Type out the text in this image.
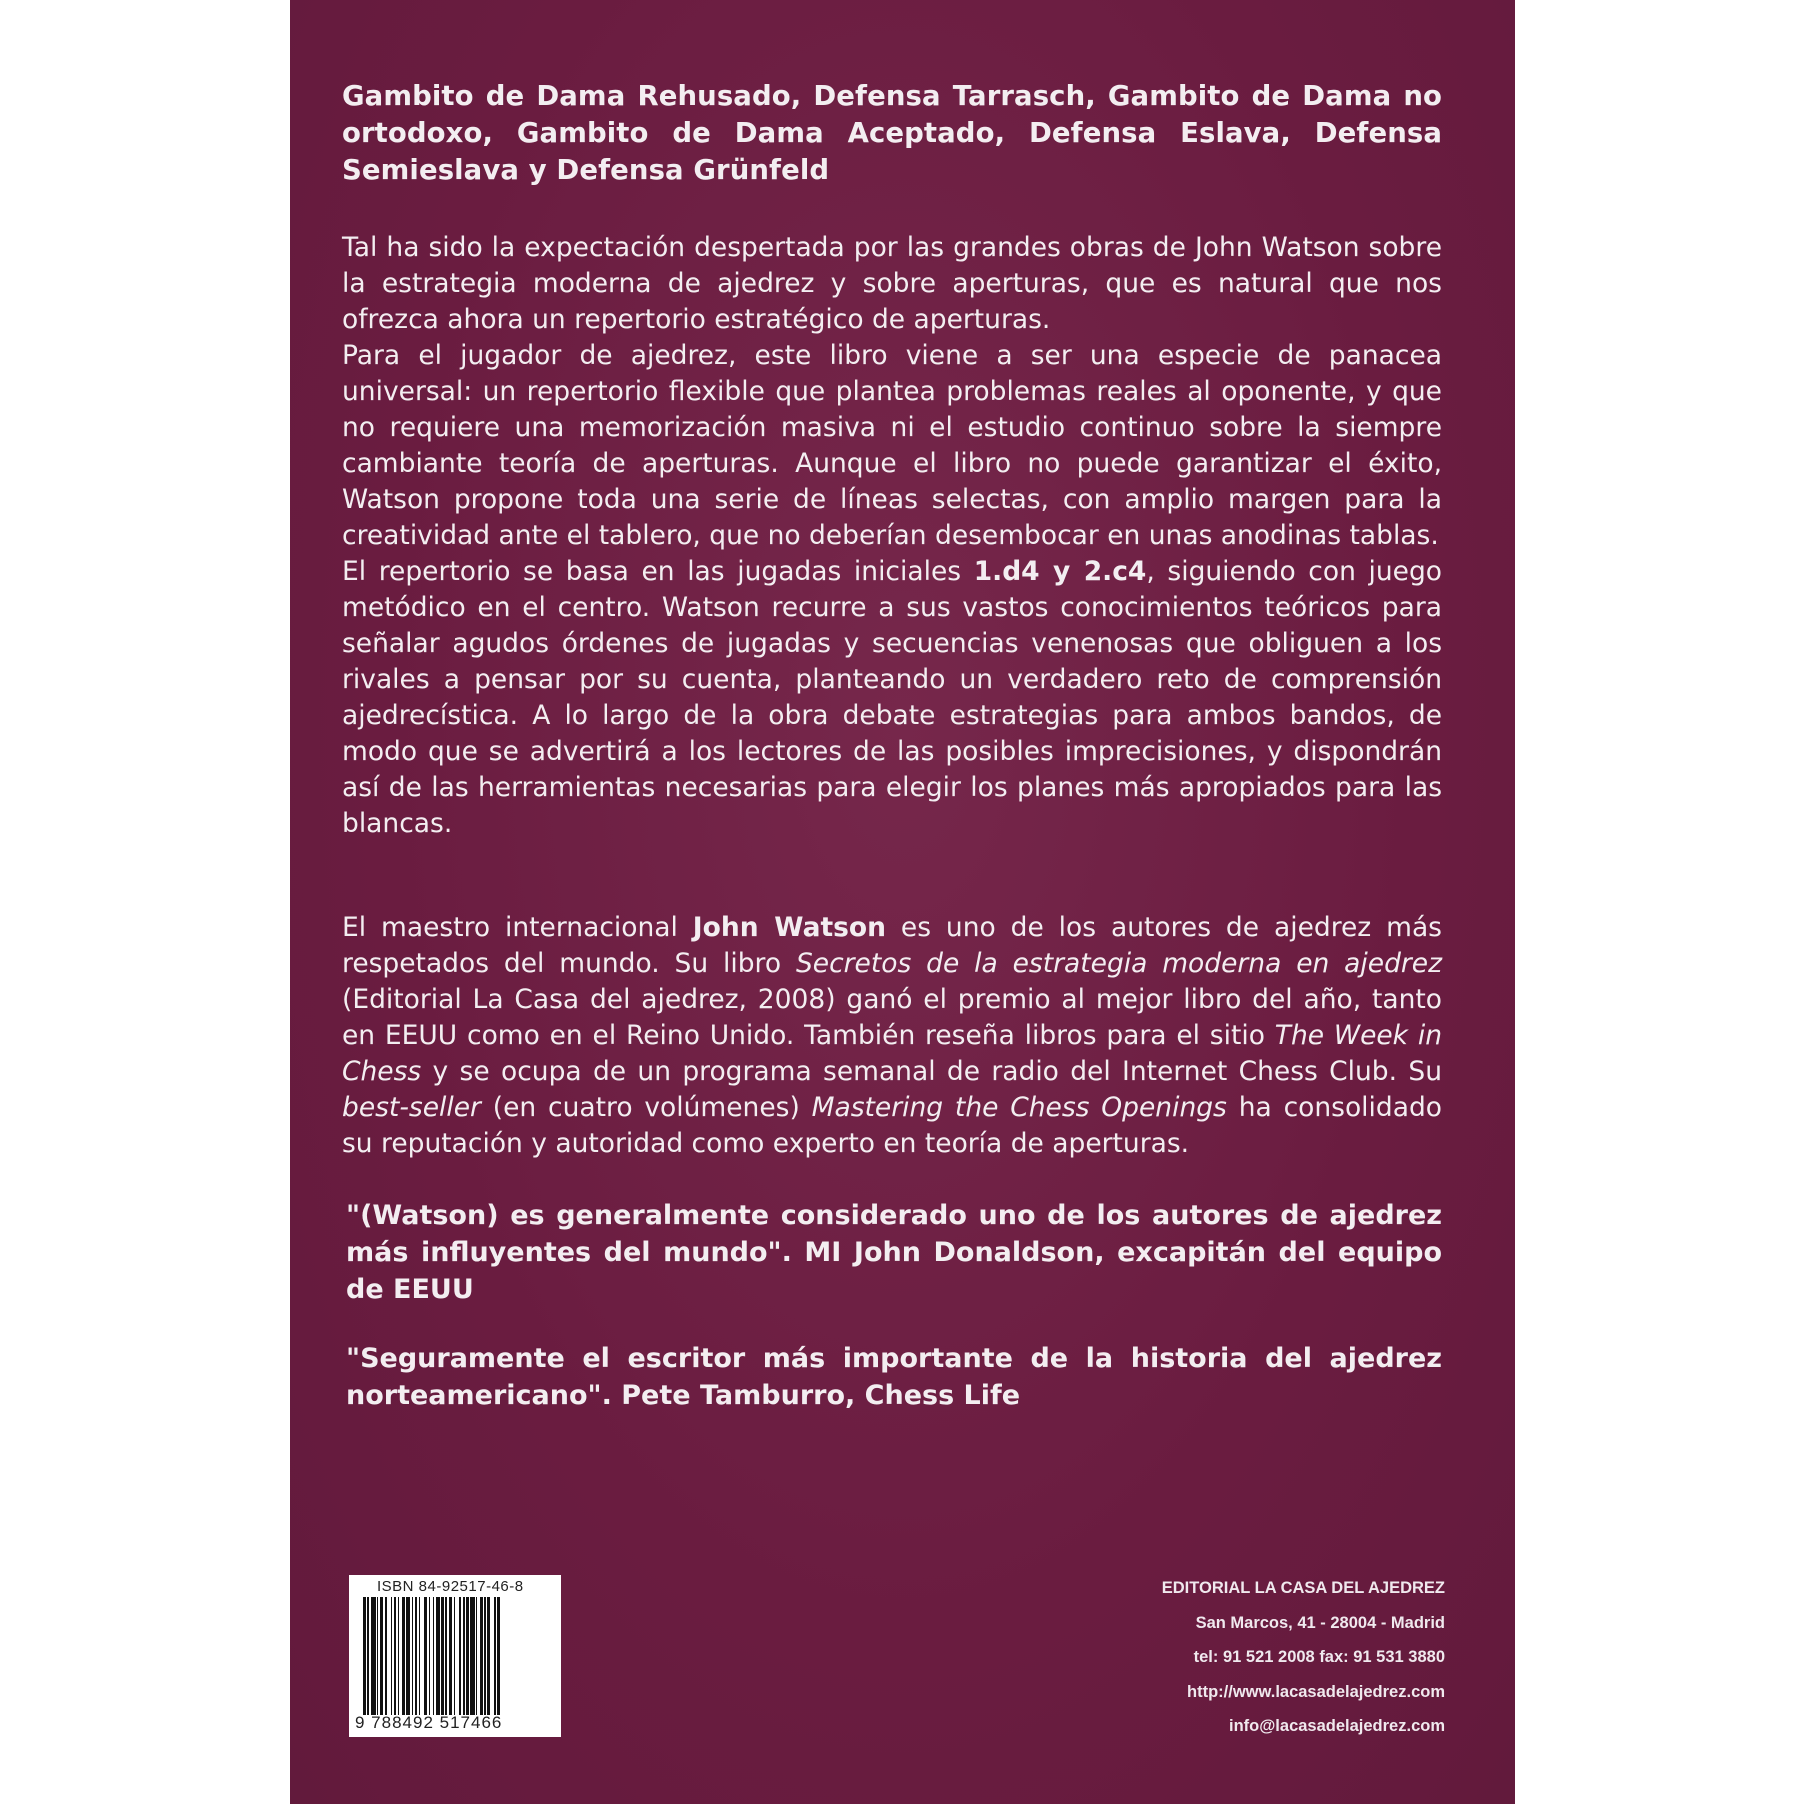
Gambito de Dama Rehusado, Defensa Tarrasch, Gambito de Dama no ortodoxo, Gambito de Dama Aceptado, Defensa Eslava, Defensa Semieslava y Defensa Grünfeld

Tal ha sido la expectación despertada por las grandes obras de John Watson sobre la estrategia moderna de ajedrez y sobre aperturas, que es natural que nos ofrezca ahora un repertorio estratégico de aperturas.

Para el jugador de ajedrez, este libro viene a ser una especie de panacea universal: un repertorio flexible que plantea problemas reales al oponente, y que no requiere una memorización masiva ni el estudio continuo sobre la siempre cambiante teoría de aperturas. Aunque el libro no puede garantizar el éxito, Watson propone toda una serie de líneas selectas, con amplio margen para la creatividad ante el tablero, que no deberían desembocar en unas anodinas tablas.

El repertorio se basa en las jugadas iniciales 1.d4 y 2.c4, siguiendo con juego metódico en el centro. Watson recurre a sus vastos conocimientos teóricos para señalar agudos órdenes de jugadas y secuencias venenosas que obliguen a los rivales a pensar por su cuenta, planteando un verdadero reto de comprensión ajedrecística. A lo largo de la obra debate estrategias para ambos bandos, de modo que se advertirá a los lectores de las posibles imprecisiones, y dispondrán así de las herramientas necesarias para elegir los planes más apropiados para las blancas.

El maestro internacional John Watson es uno de los autores de ajedrez más respetados del mundo. Su libro Secretos de la estrategia moderna en ajedrez (Editorial La Casa del ajedrez, 2008) ganó el premio al mejor libro del año, tanto en EEUU como en el Reino Unido. También reseña libros para el sitio The Week in Chess y se ocupa de un programa semanal de radio del Internet Chess Club. Su best-seller (en cuatro volúmenes) Mastering the Chess Openings ha consolidado su reputación y autoridad como experto en teoría de aperturas.

"(Watson) es generalmente considerado uno de los autores de ajedrez más influyentes del mundo". MI John Donaldson, excapitán del equipo de EEUU
"Seguramente el escritor más importante de la historia del ajedrez norteamericano". Pete Tamburro, Chess Life
ISBN 84-92517-46-8
9 788492 517466
EDITORIAL LA CASA DEL AJEDREZ
San Marcos, 41 - 28004 - Madrid
tel: 91 521 2008 fax: 91 531 3880
http://www.lacasadelajedrez.com
info@lacasadelajedrez.com
